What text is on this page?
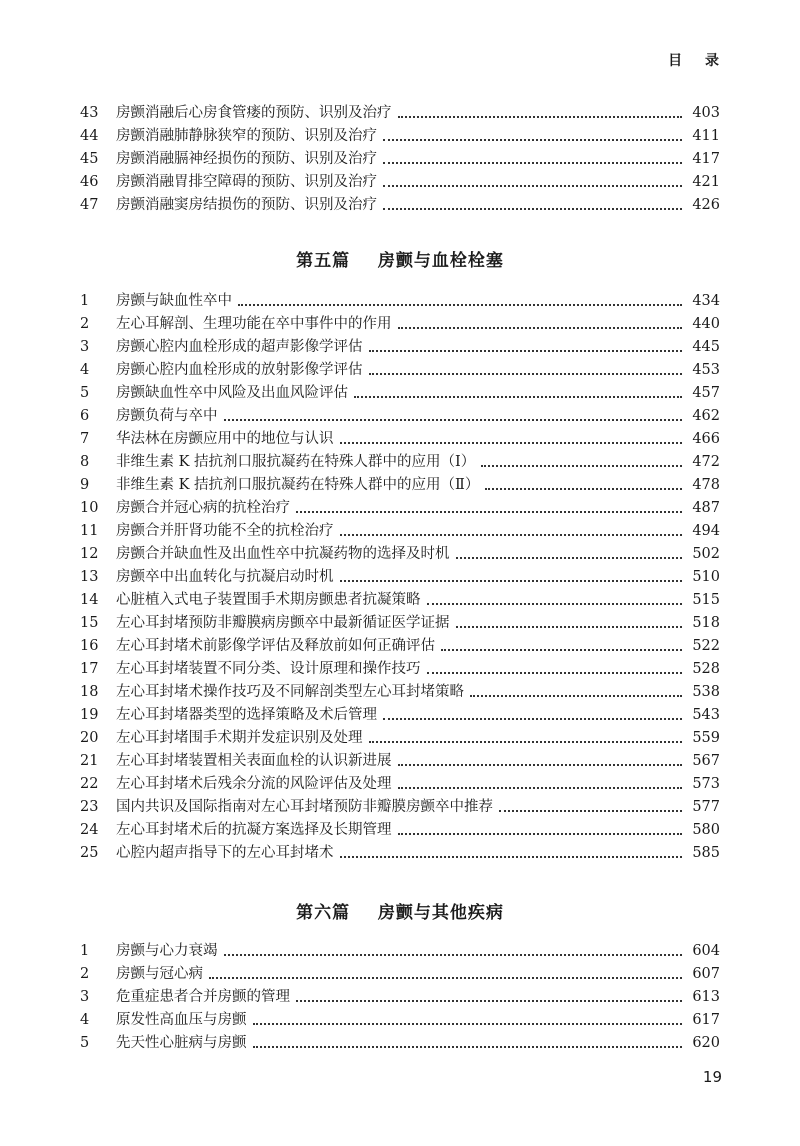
目 录
43	房颤消融后心房食管瘘的预防、识别及治疗	403
44	房颤消融肺静脉狭窄的预防、识别及治疗	411
45	房颤消融膈神经损伤的预防、识别及治疗	417
46	房颤消融胃排空障碍的预防、识别及治疗	421
47	房颤消融窦房结损伤的预防、识别及治疗	426
第五篇    房颤与血栓栓塞
1	房颤与缺血性卒中	434
2	左心耳解剖、生理功能在卒中事件中的作用	440
3	房颤心腔内血栓形成的超声影像学评估	445
4	房颤心腔内血栓形成的放射影像学评估	453
5	房颤缺血性卒中风险及出血风险评估	457
6	房颤负荷与卒中	462
7	华法林在房颤应用中的地位与认识	466
8	非维生素 K 拮抗剂口服抗凝药在特殊人群中的应用（Ⅰ）	472
9	非维生素 K 拮抗剂口服抗凝药在特殊人群中的应用（Ⅱ）	478
10	房颤合并冠心病的抗栓治疗	487
11	房颤合并肝肾功能不全的抗栓治疗	494
12	房颤合并缺血性及出血性卒中抗凝药物的选择及时机	502
13	房颤卒中出血转化与抗凝启动时机	510
14	心脏植入式电子装置围手术期房颤患者抗凝策略	515
15	左心耳封堵预防非瓣膜病房颤卒中最新循证医学证据	518
16	左心耳封堵术前影像学评估及释放前如何正确评估	522
17	左心耳封堵装置不同分类、设计原理和操作技巧	528
18	左心耳封堵术操作技巧及不同解剖类型左心耳封堵策略	538
19	左心耳封堵器类型的选择策略及术后管理	543
20	左心耳封堵围手术期并发症识别及处理	559
21	左心耳封堵装置相关表面血栓的认识新进展	567
22	左心耳封堵术后残余分流的风险评估及处理	573
23	国内共识及国际指南对左心耳封堵预防非瓣膜房颤卒中推荐	577
24	左心耳封堵术后的抗凝方案选择及长期管理	580
25	心腔内超声指导下的左心耳封堵术	585
第六篇    房颤与其他疾病
1	房颤与心力衰竭	604
2	房颤与冠心病	607
3	危重症患者合并房颤的管理	613
4	原发性高血压与房颤	617
5	先天性心脏病与房颤	620
19
